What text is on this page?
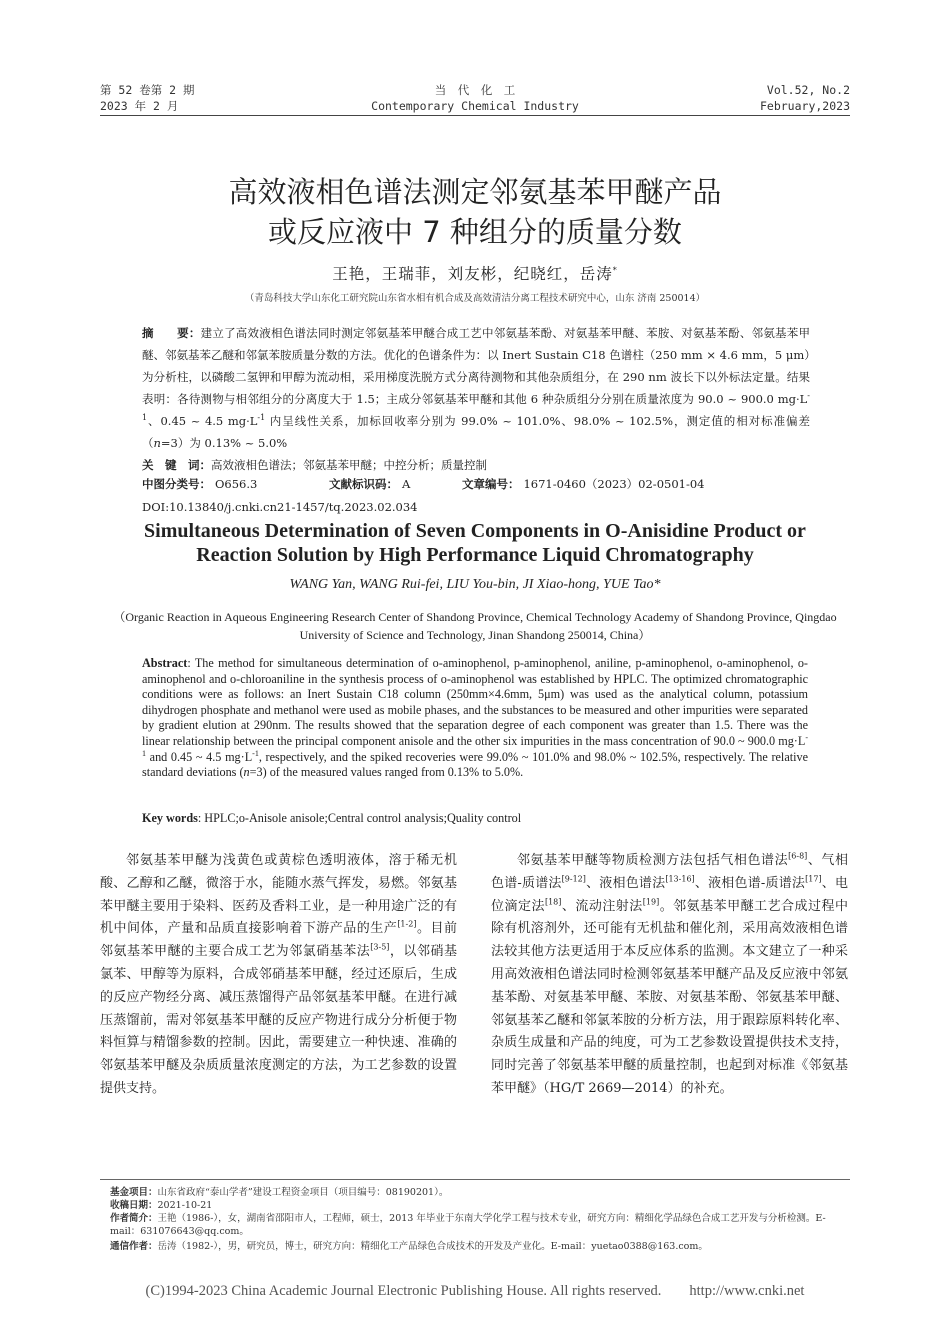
第 52 卷第 2 期
2023 年 2 月
当　代　化　工
Contemporary Chemical Industry
Vol.52, No.2
February,2023
高效液相色谱法测定邻氨基苯甲醚产品
或反应液中 7 种组分的质量分数
王艳，王瑞菲，刘友彬，纪晓红，岳涛*
（青岛科技大学山东化工研究院山东省水相有机合成及高效清洁分离工程技术研究中心，山东 济南 250014）
摘　　要：建立了高效液相色谱法同时测定邻氨基苯甲醚合成工艺中邻氨基苯酚、对氨基苯甲醚、苯胺、对氨基苯酚、邻氨基苯甲醚、邻氨基苯乙醚和邻氯苯胺质量分数的方法。优化的色谱条件为：以 Inert Sustain C18 色谱柱（250 mm × 4.6 mm，5 μm）为分析柱，以磷酸二氢钾和甲醇为流动相，采用梯度洗脱方式分离待测物和其他杂质组分，在 290 nm 波长下以外标法定量。结果表明：各待测物与相邻组分的分离度大于 1.5；主成分邻氨基苯甲醚和其他 6 种杂质组分分别在质量浓度为 90.0 ~ 900.0 $mg\cdot L^{-1}$、0.45 ~ 4.5 $mg\cdot L^{-1}$ 内呈线性关系，加标回收率分别为 99.0% ~ 101.0%、98.0% ~ 102.5%，测定值的相对标准偏差（n=3）为 0.13% ~ 5.0%
关　键　词：高效液相色谱法；邻氨基苯甲醚；中控分析；质量控制
中图分类号： O656.3	文献标识码： A	文章编号： 1671-0460（2023）02-0501-04
DOI:10.13840/j.cnki.cn21-1457/tq.2023.02.034
Simultaneous Determination of Seven Components in O-Anisidine Product or
Reaction Solution by High Performance Liquid Chromatography
WANG Yan, WANG Rui-fei, LIU You-bin, JI Xiao-hong, YUE Tao*
（Organic Reaction in Aqueous Engineering Research Center of Shandong Province, Chemical Technology Academy of Shandong Province, Qingdao University of Science and Technology, Jinan Shandong 250014, China）
Abstract: The method for simultaneous determination of o-aminophenol, p-aminophenol, aniline, p-aminophenol, o-aminophenol, o-aminophenol and o-chloroaniline in the synthesis process of o-aminophenol was established by HPLC. The optimized chromatographic conditions were as follows: an Inert Sustain C18 column (250mm×4.6mm, 5μm) was used as the analytical column, potassium dihydrogen phosphate and methanol were used as mobile phases, and the substances to be measured and other impurities were separated by gradient elution at 290nm. The results showed that the separation degree of each component was greater than 1.5. There was the linear relationship between the principal component anisole and the other six impurities in the mass concentration of 90.0 ~ 900.0 $mg\cdot L^{-1}$ and 0.45 ~ 4.5 $mg\cdot L^{-1}$, respectively, and the spiked recoveries were 99.0% ~ 101.0% and 98.0% ~ 102.5%, respectively. The relative standard deviations (n=3) of the measured values ranged from 0.13% to 5.0%.
Key words: HPLC;o-Anisole anisole;Central control analysis;Quality control
邻氨基苯甲醚为浅黄色或黄棕色透明液体，溶于稀无机酸、乙醇和乙醚，微溶于水，能随水蒸气挥发，易燃。邻氨基苯甲醚主要用于染料、医药及香料工业，是一种用途广泛的有机中间体，产量和品质直接影响着下游产品的生产[1-2]。目前邻氨基苯甲醚的主要合成工艺为邻氯硝基苯法[3-5]，以邻硝基氯苯、甲醇等为原料，合成邻硝基苯甲醚，经过还原后，生成的反应产物经分离、减压蒸馏得产品邻氨基苯甲醚。在进行减压蒸馏前，需对邻氨基苯甲醚的反应产物进行成分分析便于物料恒算与精馏参数的控制。因此，需要建立一种快速、准确的邻氨基苯甲醚及杂质质量浓度测定的方法，为工艺参数的设置提供支持。
邻氨基苯甲醚等物质检测方法包括气相色谱法[6-8]、气相色谱-质谱法[9-12]、液相色谱法[13-16]、液相色谱-质谱法[17]、电位滴定法[18]、流动注射法[19]。邻氨基苯甲醚工艺合成过程中除有机溶剂外，还可能有无机盐和催化剂，采用高效液相色谱法较其他方法更适用于本反应体系的监测。本文建立了一种采用高效液相色谱法同时检测邻氨基苯甲醚产品及反应液中邻氨基苯酚、对氨基苯甲醚、苯胺、对氨基苯酚、邻氨基苯甲醚、邻氨基苯乙醚和邻氯苯胺的分析方法，用于跟踪原料转化率、杂质生成量和产品的纯度，可为工艺参数设置提供技术支持，同时完善了邻氨基苯甲醚的质量控制，也起到对标准《邻氨基苯甲醚》（HG/T 2669—2014）的补充。
基金项目：山东省政府“泰山学者”建设工程资金项目（项目编号：08190201）。
收稿日期：2021-10-21
作者简介：王艳（1986-），女，湖南省邵阳市人，工程师，硕士，2013 年毕业于东南大学化学工程与技术专业，研究方向：精细化学品绿色合成工艺开发与分析检测。E-mail：631076643@qq.com。
通信作者：岳涛（1982-），男，研究员，博士，研究方向：精细化工产品绿色合成技术的开发及产业化。E-mail：yuetao0388@163.com。
(C)1994-2023 China Academic Journal Electronic Publishing House. All rights reserved. http://www.cnki.net
